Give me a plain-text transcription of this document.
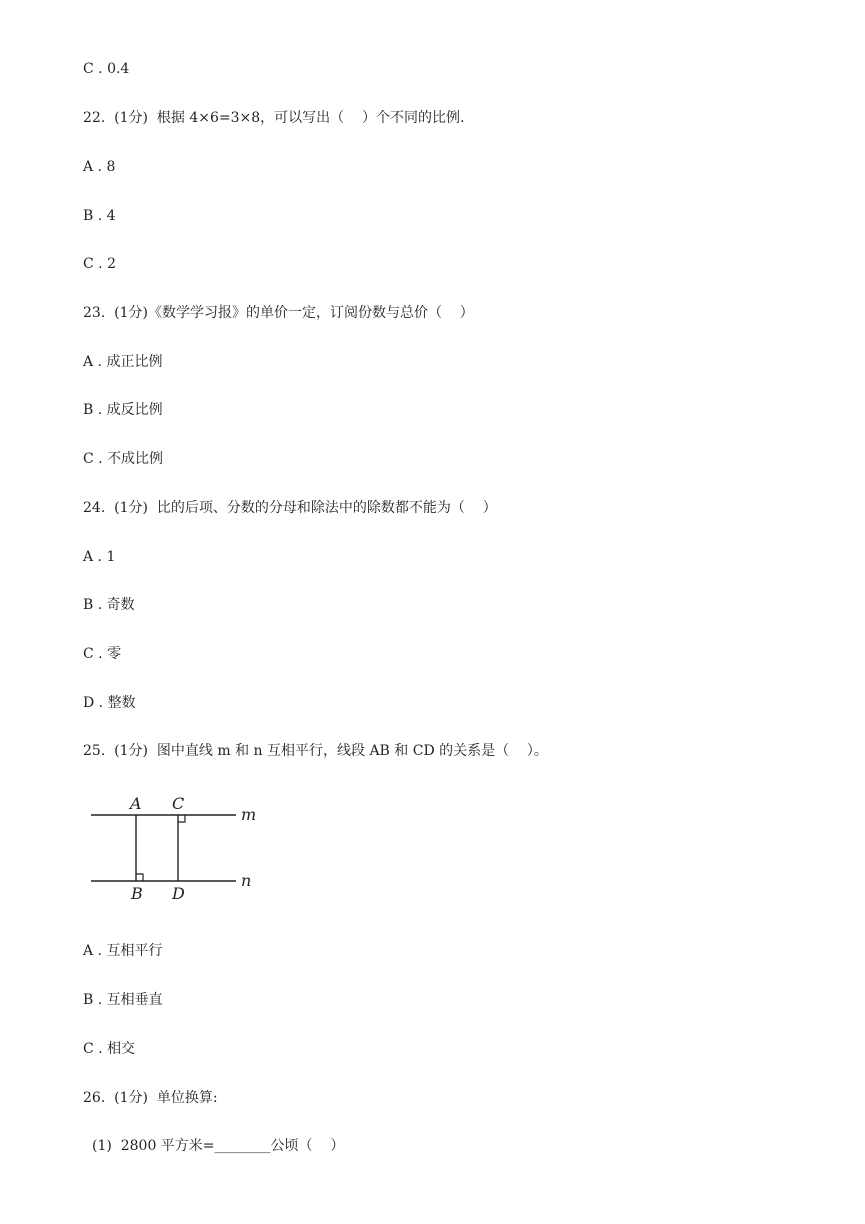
C . 0.4
22.  (1分)  根据 4×6=3×8，可以写出（    ）个不同的比例.
A . 8
B . 4
C . 2
23.  (1分)《数学学习报》的单价一定，订阅份数与总价（    ）
A . 成正比例
B . 成反比例
C . 不成比例
24.  (1分)  比的后项、分数的分母和除法中的除数都不能为（    ）
A . 1
B . 奇数
C . 零
D . 整数
25.  (1分)  图中直线 m 和 n 互相平行，线段 AB 和 CD 的关系是（    ）。
A C
B D
m
n
A . 互相平行
B . 互相垂直
C . 相交
26.  (1分)  单位换算:
(1)  2800 平方米=________公顷（    ）
